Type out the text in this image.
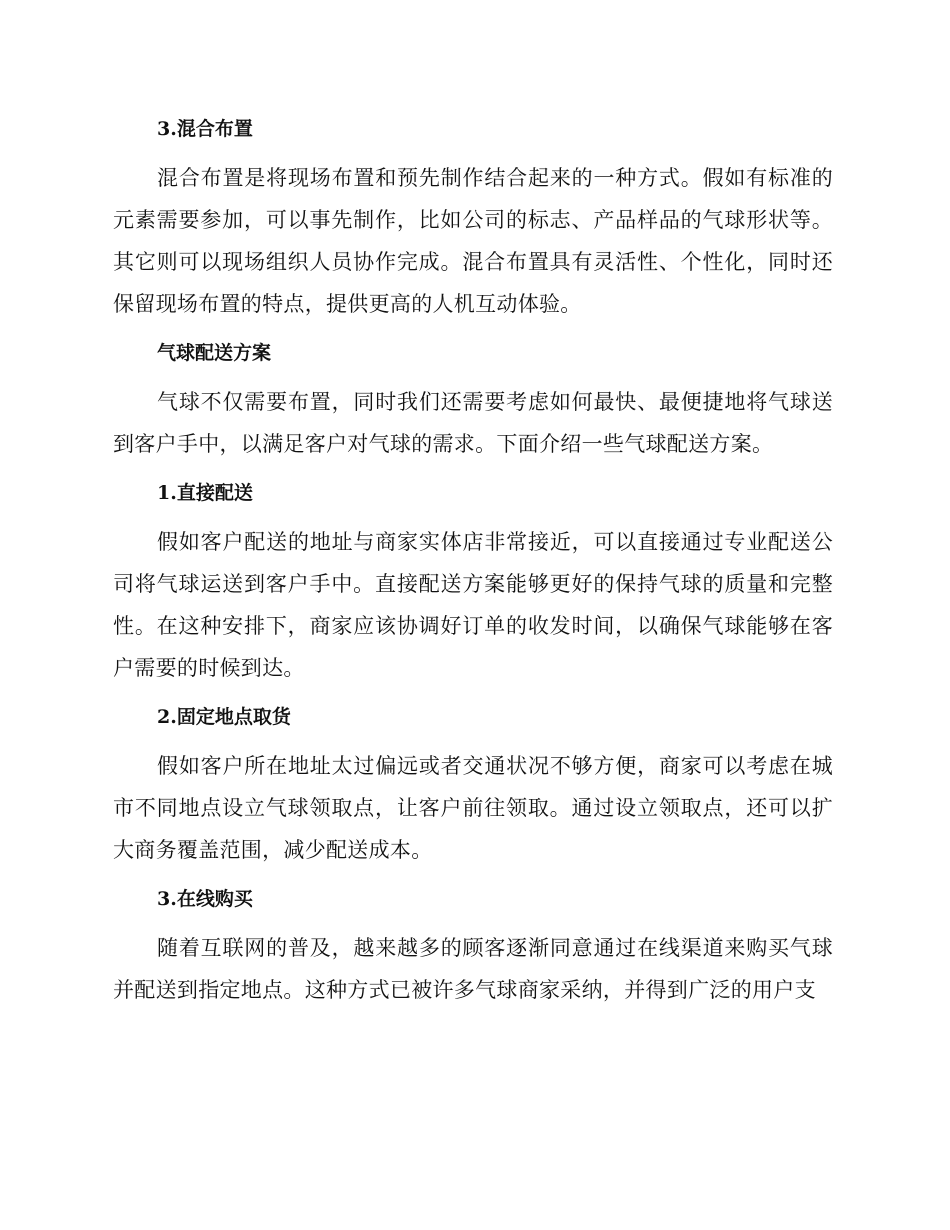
3.混合布置

混合布置是将现场布置和预先制作结合起来的一种方式。假如有标准的元素需要参加，可以事先制作，比如公司的标志、产品样品的气球形状等。其它则可以现场组织人员协作完成。混合布置具有灵活性、个性化，同时还保留现场布置的特点，提供更高的人机互动体验。

气球配送方案

气球不仅需要布置，同时我们还需要考虑如何最快、最便捷地将气球送到客户手中，以满足客户对气球的需求。下面介绍一些气球配送方案。

1.直接配送

假如客户配送的地址与商家实体店非常接近，可以直接通过专业配送公司将气球运送到客户手中。直接配送方案能够更好的保持气球的质量和完整性。在这种安排下，商家应该协调好订单的收发时间，以确保气球能够在客户需要的时候到达。

2.固定地点取货

假如客户所在地址太过偏远或者交通状况不够方便，商家可以考虑在城市不同地点设立气球领取点，让客户前往领取。通过设立领取点，还可以扩大商务覆盖范围，减少配送成本。

3.在线购买

随着互联网的普及，越来越多的顾客逐渐同意通过在线渠道来购买气球并配送到指定地点。这种方式已被许多气球商家采纳，并得到广泛的用户支
